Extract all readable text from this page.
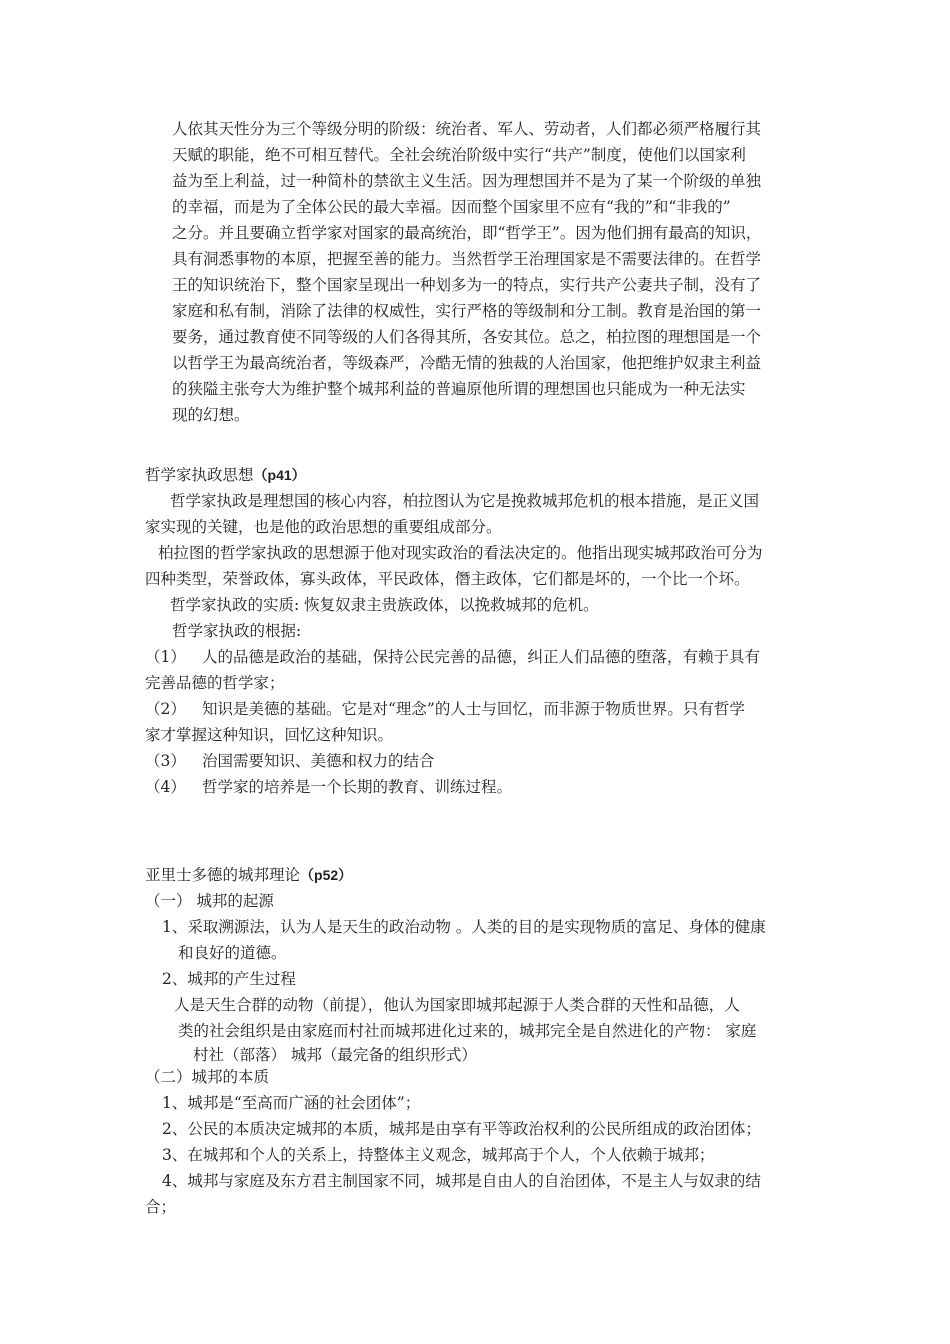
人依其天性分为三个等级分明的阶级：统治者、军人、劳动者，人们都必须严格履行其
天赋的职能，绝不可相互替代。全社会统治阶级中实行“共产”制度，使他们以国家利
益为至上利益，过一种简朴的禁欲主义生活。因为理想国并不是为了某一个阶级的单独
的幸福，而是为了全体公民的最大幸福。因而整个国家里不应有“我的”和“非我的”
之分。并且要确立哲学家对国家的最高统治，即“哲学王”。因为他们拥有最高的知识，
具有洞悉事物的本原，把握至善的能力。当然哲学王治理国家是不需要法律的。在哲学
王的知识统治下，整个国家呈现出一种划多为一的特点，实行共产公妻共子制，没有了
家庭和私有制，消除了法律的权威性，实行严格的等级制和分工制。教育是治国的第一
要务，通过教育使不同等级的人们各得其所，各安其位。总之，柏拉图的理想国是一个
以哲学王为最高统治者，等级森严，冷酷无情的独裁的人治国家，他把维护奴隶主利益
的狭隘主张夸大为维护整个城邦利益的普遍原他所谓的理想国也只能成为一种无法实
现的幻想。
哲学家执政思想（p41）
哲学家执政是理想国的核心内容，柏拉图认为它是挽救城邦危机的根本措施，是正义国
家实现的关键，也是他的政治思想的重要组成部分。
柏拉图的哲学家执政的思想源于他对现实政治的看法决定的。他指出现实城邦政治可分为
四种类型，荣誉政体，寡头政体，平民政体，僭主政体，它们都是坏的，一个比一个坏。
哲学家执政的实质: 恢复奴隶主贵族政体，以挽救城邦的危机。
哲学家执政的根据:
（1） 人的品德是政治的基础，保持公民完善的品德，纠正人们品德的堕落，有赖于具有
完善品德的哲学家；
（2） 知识是美德的基础。它是对“理念”的人士与回忆，而非源于物质世界。只有哲学
家才掌握这种知识，回忆这种知识。
（3） 治国需要知识、美德和权力的结合
（4） 哲学家的培养是一个长期的教育、训练过程。
亚里士多德的城邦理论（p52）
（一） 城邦的起源
1、采取溯源法，认为人是天生的政治动物 。人类的目的是实现物质的富足、身体的健康
和良好的道德。
2、城邦的产生过程
人是天生合群的动物（前提），他认为国家即城邦起源于人类合群的天性和品德，人
类的社会组织是由家庭而村社而城邦进化过来的，城邦完全是自然进化的产物： 家庭
村社（部落） 城邦（最完备的组织形式）
（二）城邦的本质
1、城邦是“至高而广涵的社会团体”；
2、公民的本质决定城邦的本质，城邦是由享有平等政治权利的公民所组成的政治团体；
3、在城邦和个人的关系上，持整体主义观念，城邦高于个人，个人依赖于城邦；
4、城邦与家庭及东方君主制国家不同，城邦是自由人的自治团体，不是主人与奴隶的结
合；
